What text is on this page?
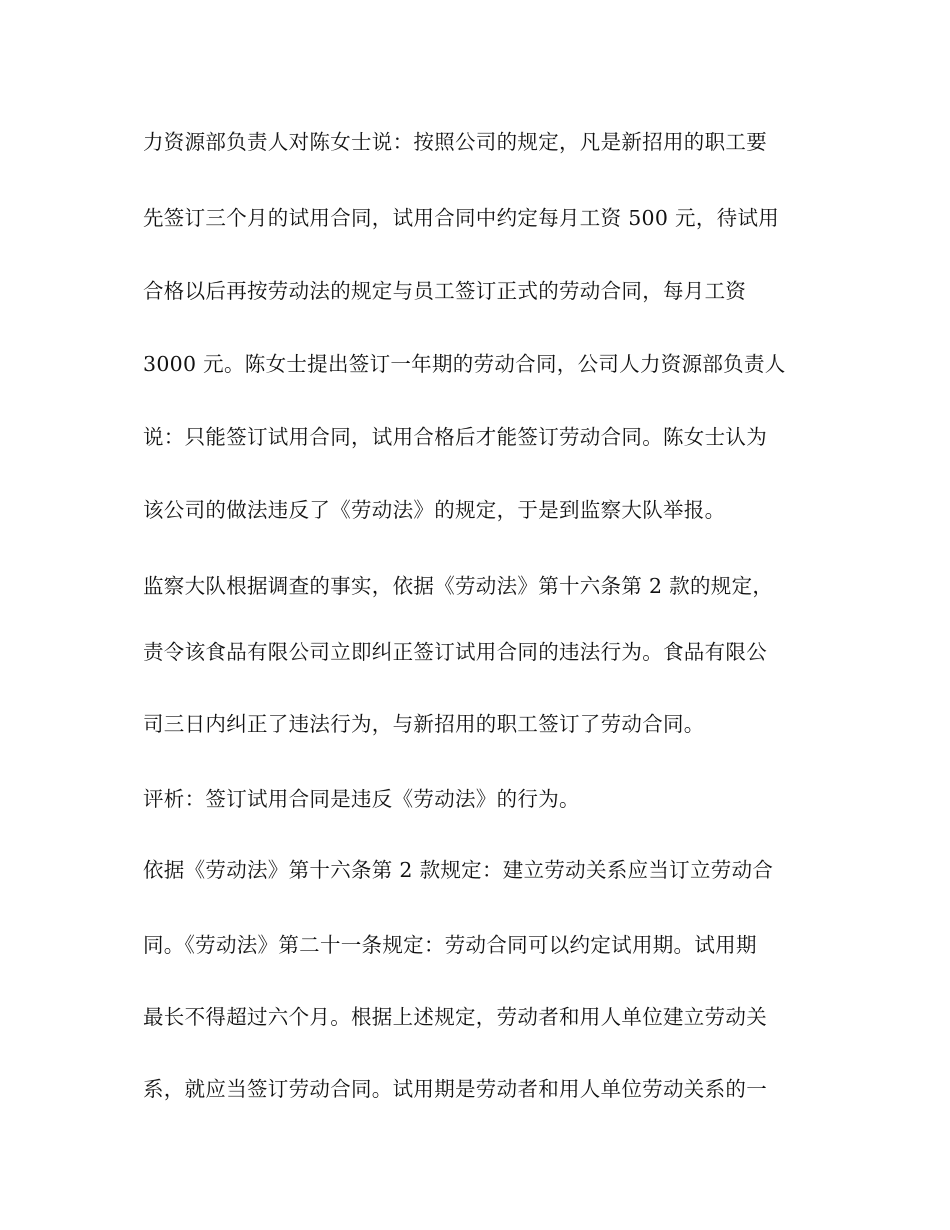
力资源部负责人对陈女士说：按照公司的规定，凡是新招用的职工要
先签订三个月的试用合同，试用合同中约定每月工资 500 元，待试用
合格以后再按劳动法的规定与员工签订正式的劳动合同，每月工资
3000 元。陈女士提出签订一年期的劳动合同，公司人力资源部负责人
说：只能签订试用合同，试用合格后才能签订劳动合同。陈女士认为
该公司的做法违反了《劳动法》的规定，于是到监察大队举报。
监察大队根据调查的事实，依据《劳动法》第十六条第 2 款的规定，
责令该食品有限公司立即纠正签订试用合同的违法行为。食品有限公
司三日内纠正了违法行为，与新招用的职工签订了劳动合同。
评析：签订试用合同是违反《劳动法》的行为。
依据《劳动法》第十六条第 2 款规定：建立劳动关系应当订立劳动合
同。《劳动法》第二十一条规定：劳动合同可以约定试用期。试用期
最长不得超过六个月。根据上述规定，劳动者和用人单位建立劳动关
系，就应当签订劳动合同。试用期是劳动者和用人单位劳动关系的一
